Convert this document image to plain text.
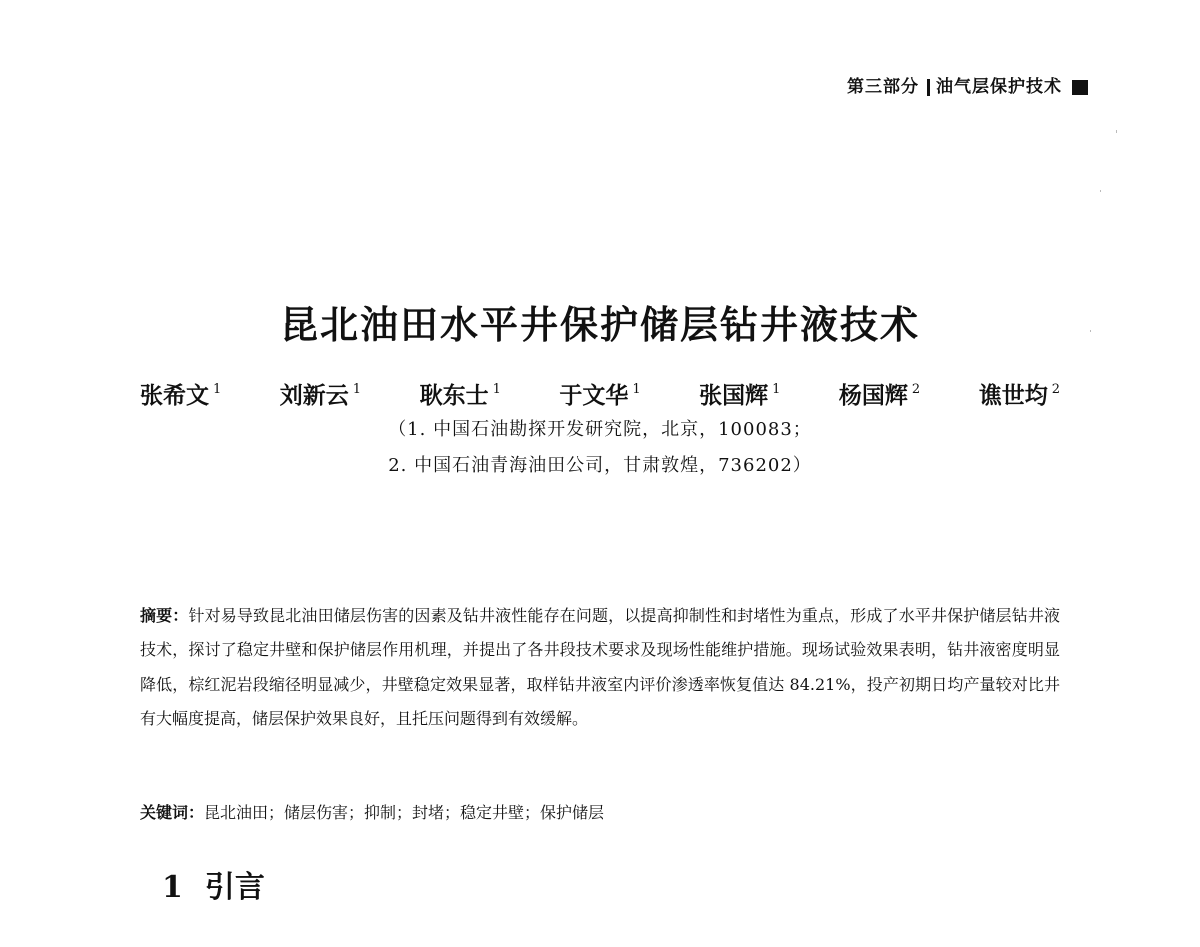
第三部分 油气层保护技术
昆北油田水平井保护储层钻井液技术
张希文 $^1$	刘新云 $^1$	耿东士 $^1$	于文华 $^1$	张国辉 $^1$	杨国辉 $^2$	谯世均 $^2$
（1. 中国石油勘探开发研究院，北京，100083；
2. 中国石油青海油田公司，甘肃敦煌，736202）
摘要：针对易导致昆北油田储层伤害的因素及钻井液性能存在问题，以提高抑制性和封堵性为重点，形成了水平井保护储层钻井液技术，探讨了稳定井壁和保护储层作用机理，并提出了各井段技术要求及现场性能维护措施。现场试验效果表明，钻井液密度明显降低，棕红泥岩段缩径明显减少，井壁稳定效果显著，取样钻井液室内评价渗透率恢复值达 84.21%，投产初期日均产量较对比井有大幅度提高，储层保护效果良好，且托压问题得到有效缓解。
关键词：昆北油田；储层伤害；抑制；封堵；稳定井壁；保护储层
1 引言
